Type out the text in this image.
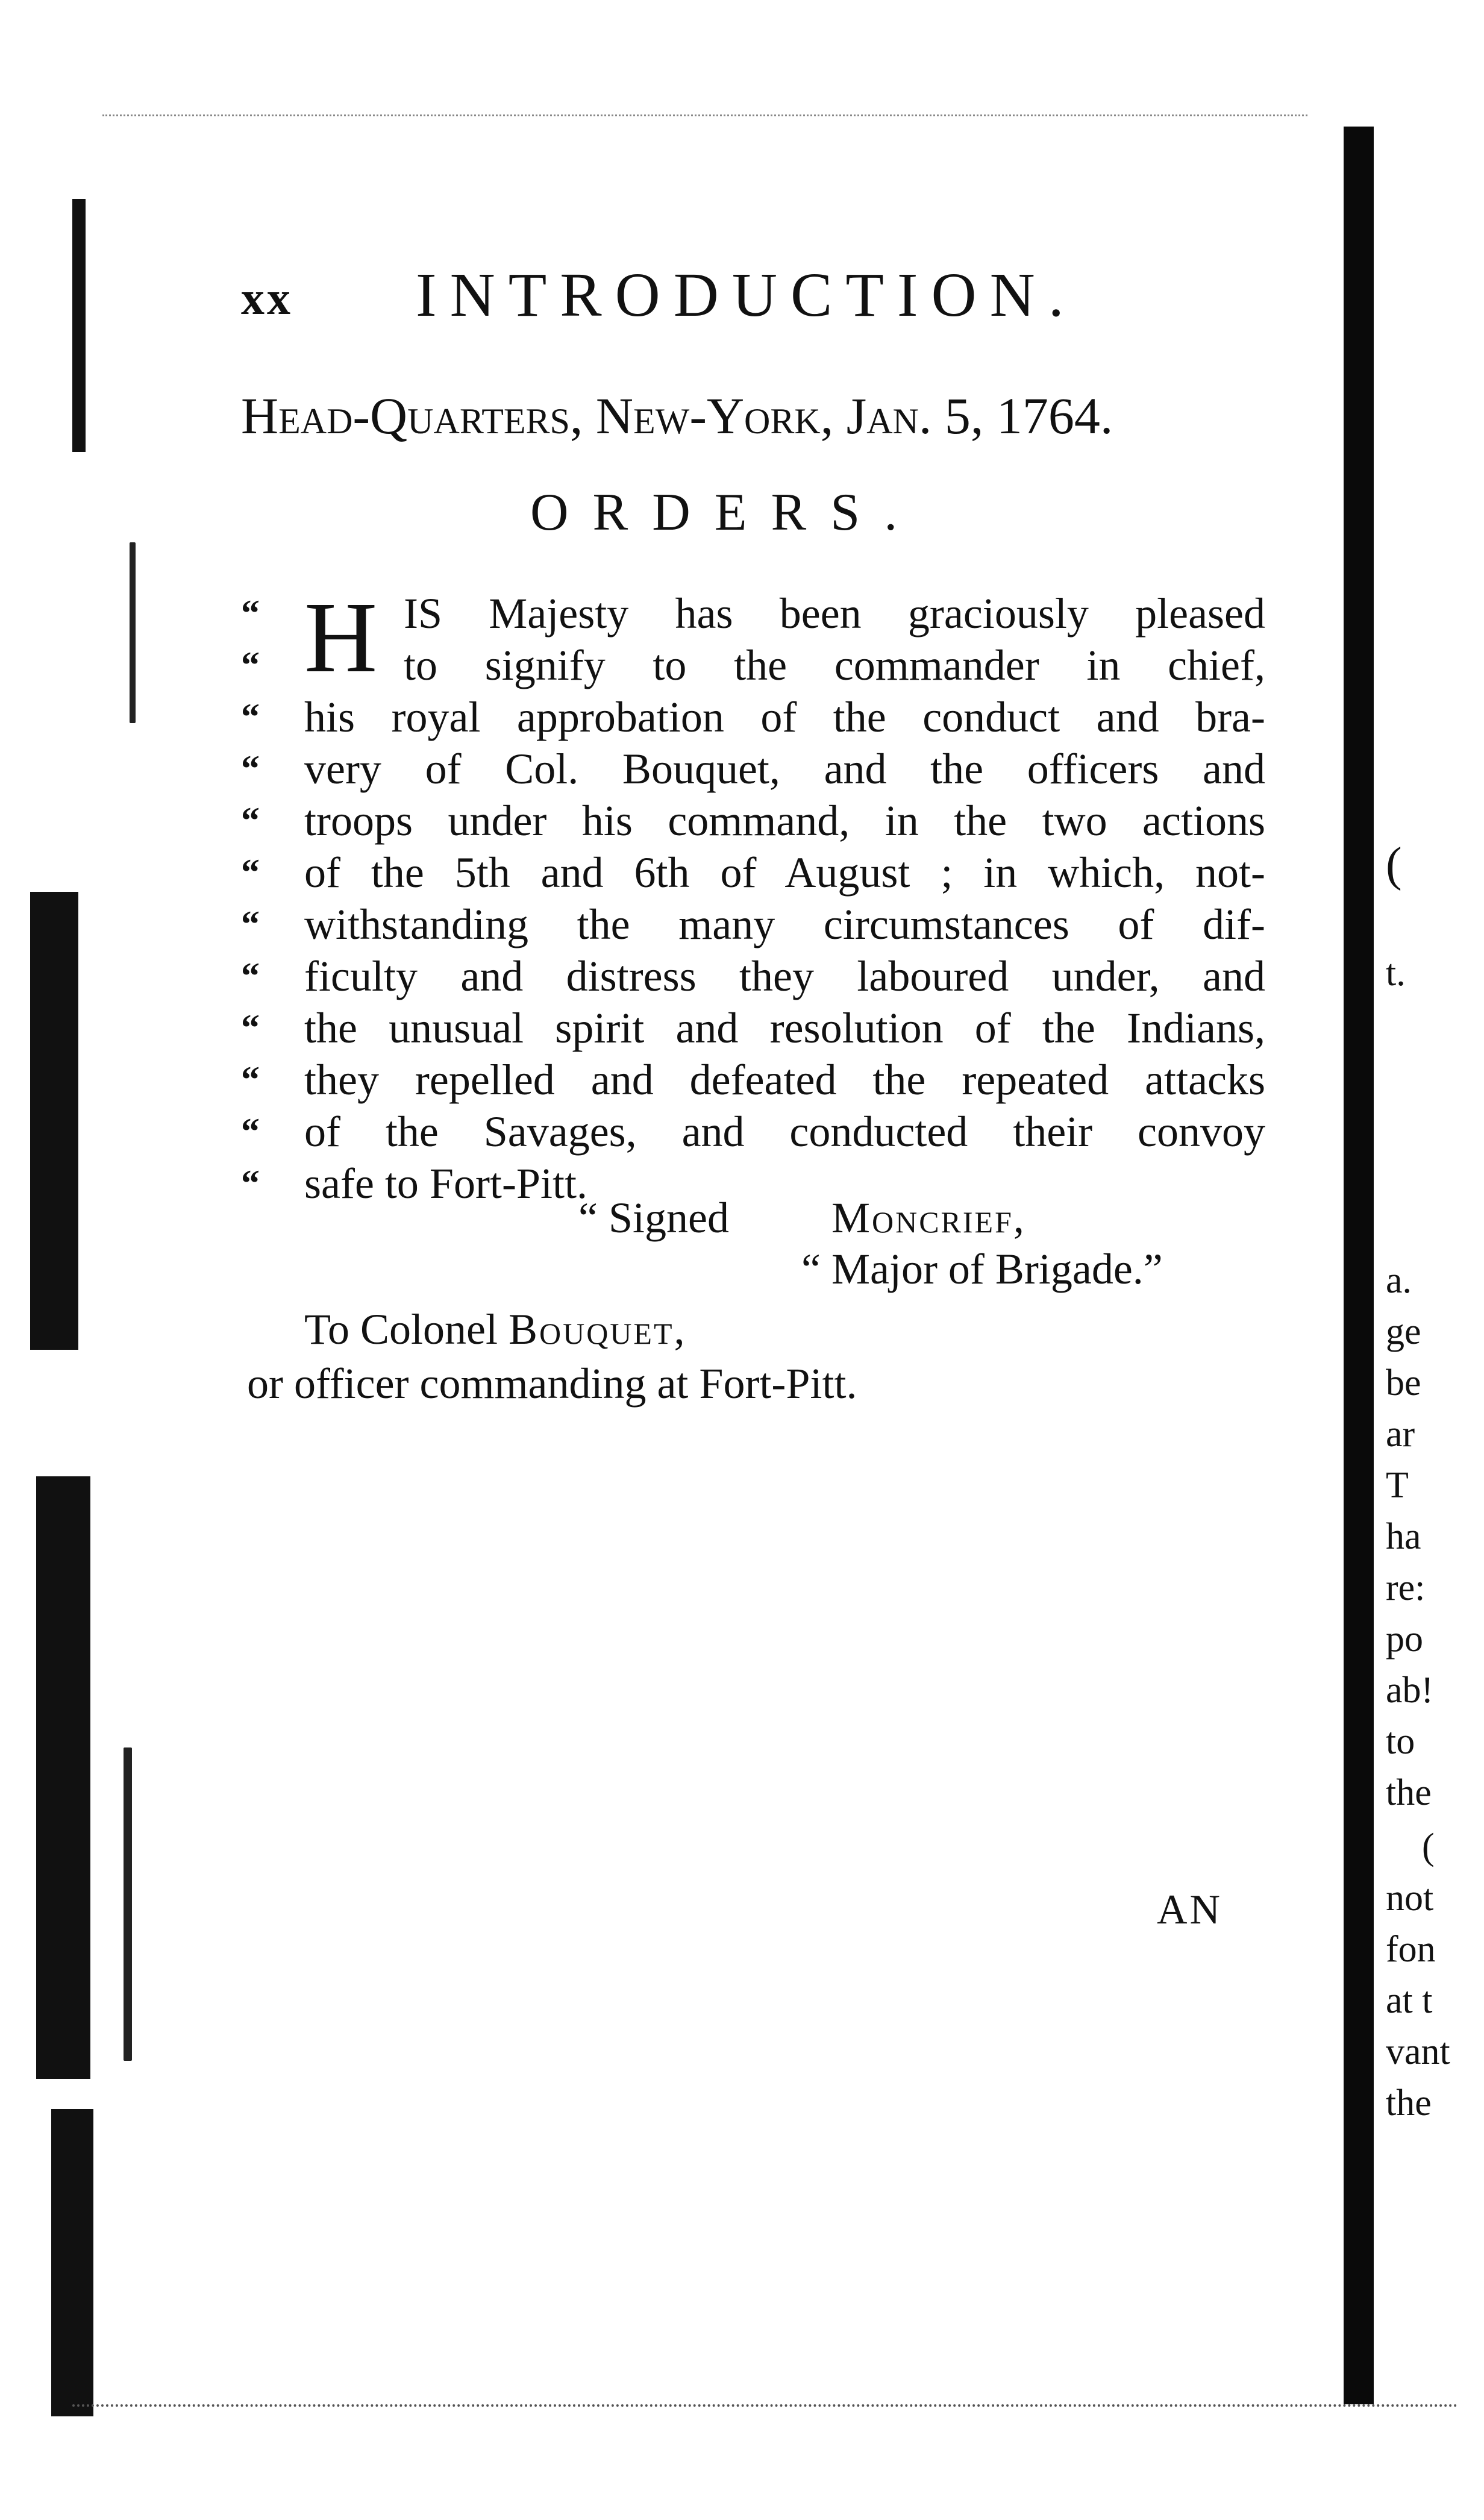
xx INTRODUCTION.
Head-Quarters, New-York, Jan. 5, 1764.
ORDERS.
H
“	IS Majesty has been graciously pleased
“	to signify to the commander in chief,
“ his royal approbation of the conduct and bra-
“ very of Col. Bouquet, and the officers and
“ troops under his command, in the two actions
“ of the 5th and 6th of August ; in which, not-
“ withstanding the many circumstances of dif-
“ ficulty and distress they laboured under, and
“ the unusual spirit and resolution of the Indians,
“ they repelled and defeated the repeated attacks
“ of the Savages, and conducted their convoy
“ safe to Fort-Pitt.
“ Signed Moncrief,
“ Major of Brigade.”
To Colonel Bouquet,
or officer commanding at Fort-Pitt.
AN
(
t.
a.
ge
be
ar
T
ha
re:
po
ab!
to
the
(
not
fon
at t
vant
the
